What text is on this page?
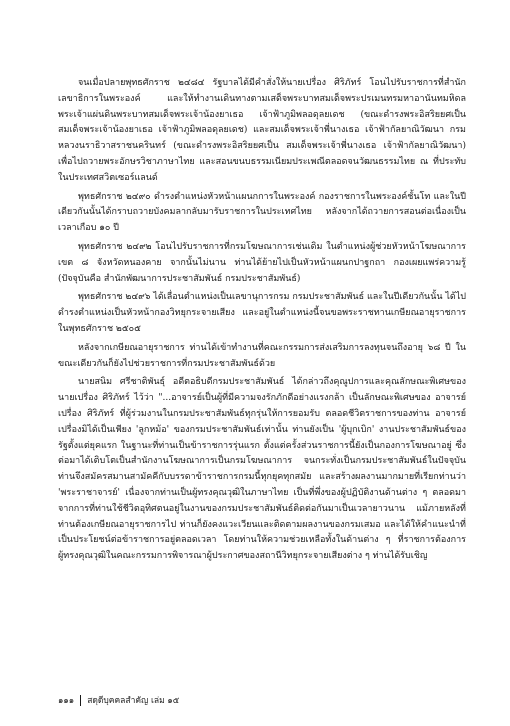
จนเมื่อปลายพุทธศักราช ๒๔๘๔ รัฐบาลได้มีคำสั่งให้นายเปรื่อง ศิริภัทร์ โอนไปรับราชการที่สำนักเลขาธิการในพระองค์ และให้ทำงานเดินทางตามเสด็จพระบาทสมเด็จพระปรเมนทรมหาอานันทมหิดล พระเจ้าแผ่นดินพระบาทสมเด็จพระเจ้าน้องยาเธอ เจ้าฟ้าภูมิพลอดุลยเดช (ขณะดำรงพระอิสริยยศเป็น สมเด็จพระเจ้าน้องยาเธอ เจ้าฟ้าภูมิพลอดุลยเดช) และสมเด็จพระเจ้าพี่นางเธอ เจ้าฟ้ากัลยาณิวัฒนา กรมหลวงนราธิวาสราชนครินทร์ (ขณะดำรงพระอิสริยยศเป็น สมเด็จพระเจ้าพี่นางเธอ เจ้าฟ้ากัลยาณิวัฒนา) เพื่อไปถวายพระอักษรวิชาภาษาไทย และสอนขนบธรรมเนียมประเพณีตลอดจนวัฒนธรรมไทย ณ ที่ประทับในประเทศสวิตเซอร์แลนด์

พุทธศักราช ๒๔๙๐ ดำรงตำแหน่งหัวหน้าแผนกการในพระองค์ กองราชการในพระองค์ชั้นโท และในปีเดียวกันนั้นได้กราบถวายบังคมลากลับมารับราชการในประเทศไทย หลังจากได้ถวายการสอนต่อเนื่องเป็นเวลาเกือบ ๑๐ ปี

พุทธศักราช ๒๔๙๒ โอนไปรับราชการที่กรมโฆษณาการเช่นเดิม ในตำแหน่งผู้ช่วยหัวหน้าโฆษณาการ เขต ๘ จังหวัดหนองคาย จากนั้นไม่นาน ท่านได้ย้ายไปเป็นหัวหน้าแผนกปาฐกถา กองเผยแพร่ความรู้ (ปัจจุบันคือ สำนักพัฒนาการประชาสัมพันธ์ กรมประชาสัมพันธ์)

พุทธศักราช ๒๔๙๖ ได้เลื่อนตำแหน่งเป็นเลขานุการกรม กรมประชาสัมพันธ์ และในปีเดียวกันนั้น ได้ไปดำรงตำแหน่งเป็นหัวหน้ากองวิทยุกระจายเสียง และอยู่ในตำแหน่งนี้จนขอพระราชทานเกษียณอายุราชการ ในพุทธศักราช ๒๕๐๕

หลังจากเกษียณอายุราชการ ท่านได้เข้าทำงานที่คณะกรรมการส่งเสริมการลงทุนจนถึงอายุ ๖๘ ปี ในขณะเดียวกันก็ยังไปช่วยราชการที่กรมประชาสัมพันธ์ด้วย

นายสนิม ศรีชาติพันธุ์ อดีตอธิบดีกรมประชาสัมพันธ์ ได้กล่าวถึงคุณูปการและคุณลักษณะพิเศษของนายเปรื่อง ศิริภัทร์ ไว้ว่า "...อาจารย์เป็นผู้ที่มีความจงรักภักดีอย่างแรงกล้า เป็นลักษณะพิเศษของ อาจารย์เปรื่อง ศิริภัทร์ ที่ผู้ร่วมงานในกรมประชาสัมพันธ์ทุกรุ่นให้การยอมรับ ตลอดชีวิตราชการของท่าน อาจารย์เปรื่องมิได้เป็นเพียง 'ลูกหม้อ' ของกรมประชาสัมพันธ์เท่านั้น ท่านยังเป็น 'ผู้บุกเบิก' งานประชาสัมพันธ์ของรัฐตั้งแต่ยุคแรก ในฐานะที่ท่านเป็นข้าราชการรุ่นแรก ตั้งแต่ครั้งส่วนราชการนี้ยังเป็นกองการโฆษณาอยู่ ซึ่งต่อมาได้เติบโตเป็นสำนักงานโฆษณาการเป็นกรมโฆษณาการ จนกระทั่งเป็นกรมประชาสัมพันธ์ในปัจจุบัน ท่านจึงสมัครสมานสามัคคีกับบรรดาข้าราชการกรมนี้ทุกยุคทุกสมัย และสร้างผลงานมากมายที่เรียกท่านว่า 'พระราชาจารย์' เนื่องจากท่านเป็นผู้ทรงคุณวุฒิในภาษาไทย เป็นที่พึ่งของผู้ปฏิบัติงานด้านต่าง ๆ ตลอดมา จากการที่ท่านใช้ชีวิตอุทิศตนอยู่ในงานของกรมประชาสัมพันธ์ติดต่อกันมาเป็นเวลายาวนาน แม้ภายหลังที่ท่านต้องเกษียณอายุราชการไป ท่านก็ยังคงแวะเวียนและติดตามผลงานของกรมเสมอ และได้ให้คำแนะนำที่เป็นประโยชน์ต่อข้าราชการอยู่ตลอดเวลา โดยท่านให้ความช่วยเหลือทั้งในด้านต่าง ๆ ที่ราชการต้องการ ผู้ทรงคุณวุฒิในคณะกรรมการพิจารณาผู้ประกาศของสถานีวิทยุกระจายเสียงต่าง ๆ ท่านได้รับเชิญ

๑๑๑ สดุดีบุคคลสำคัญ เล่ม ๑๕
